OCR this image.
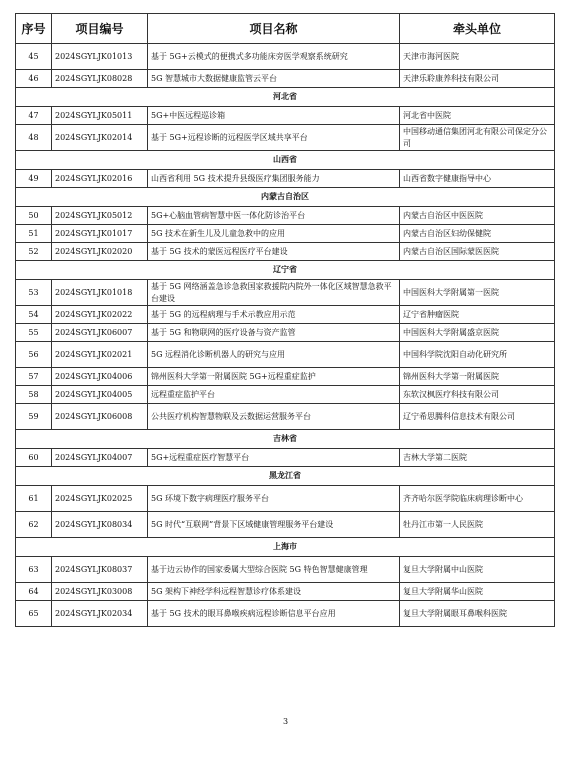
序号	项目编号	项目名称	牵头单位
45	2024SGYLJK01013	基于 5G+云模式的便携式多功能床旁医学观察系统研究	天津市海河医院
46	2024SGYLJK08028	5G 智慧城市大数据健康监管云平台	天津乐聆康养科技有限公司
河北省			
47	2024SGYLJK05011	5G+中医远程巡诊箱	河北省中医院
48	2024SGYLJK02014	基于 5G+远程诊断的远程医学区域共享平台	中国移动通信集团河北有限公司保定分公司
山西省			
49	2024SGYLJK02016	山西省利用 5G 技术提升县级医疗集团服务能力	山西省数字健康指导中心
内蒙古自治区			
50	2024SGYLJK05012	5G+心脑血管病智慧中医一体化防诊治平台	内蒙古自治区中医医院
51	2024SGYLJK01017	5G 技术在新生儿及儿童急救中的应用	内蒙古自治区妇幼保健院
52	2024SGYLJK02020	基于 5G 技术的蒙医远程医疗平台建设	内蒙古自治区国际蒙医医院
辽宁省			
53	2024SGYLJK01018	基于 5G 网络涵盖急诊急救国家救援院内院外一体化区域智慧急救平台建设	中国医科大学附属第一医院
54	2024SGYLJK02022	基于 5G 的远程病理与手术示教应用示范	辽宁省肿瘤医院
55	2024SGYLJK06007	基于 5G 和物联网的医疗设备与资产监管	中国医科大学附属盛京医院
56	2024SGYLJK02021	5G 远程消化诊断机器人的研究与应用	中国科学院沈阳自动化研究所
57	2024SGYLJK04006	锦州医科大学第一附属医院 5G+远程重症监护	锦州医科大学第一附属医院
58	2024SGYLJK04005	远程重症监护平台	东软汉枫医疗科技有限公司
59	2024SGYLJK06008	公共医疗机构智慧物联及云数据运营服务平台	辽宁希思腾科信息技术有限公司
吉林省			
60	2024SGYLJK04007	5G+远程重症医疗智慧平台	吉林大学第二医院
黑龙江省			
61	2024SGYLJK02025	5G 环境下数字病理医疗服务平台	齐齐哈尔医学院临床病理诊断中心
62	2024SGYLJK08034	5G 时代“互联网”背景下区域健康管理服务平台建设	牡丹江市第一人民医院
上海市			
63	2024SGYLJK08037	基于边云协作的国家委属大型综合医院 5G 特色智慧健康管理	复旦大学附属中山医院
64	2024SGYLJK03008	5G 架构下神经学科远程智慧诊疗体系建设	复旦大学附属华山医院
65	2024SGYLJK02034	基于 5G 技术的眼耳鼻喉疾病远程诊断信息平台应用	复旦大学附属眼耳鼻喉科医院
3
